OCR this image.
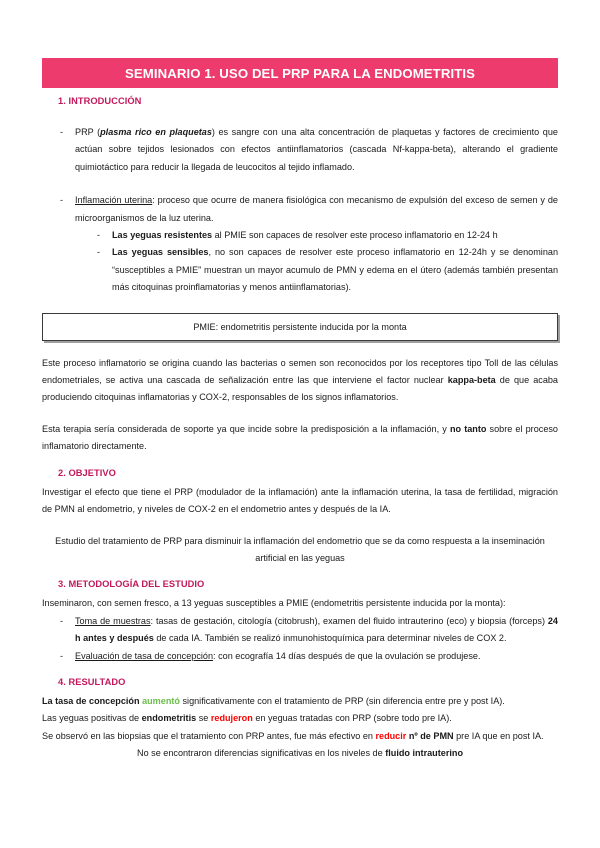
SEMINARIO 1. USO DEL PRP PARA LA ENDOMETRITIS
1. INTRODUCCIÓN
-	PRP (plasma rico en plaquetas) es sangre con una alta concentración de plaquetas y factores de crecimiento que actúan sobre tejidos lesionados con efectos antiinflamatorios (cascada Nf-kappa-beta), alterando el gradiente quimiotáctico para reducir la llegada de leucocitos al tejido inflamado.
-	Inflamación uterina: proceso que ocurre de manera fisiológica con mecanismo de expulsión del exceso de semen y de microorganismos de la luz uterina.
-	Las yeguas resistentes al PMIE son capaces de resolver este proceso inflamatorio en 12-24 h
-	Las yeguas sensibles, no son capaces de resolver este proceso inflamatorio en 12-24h y se denominan “susceptibles a PMIE” muestran un mayor acumulo de PMN y edema en el útero (además también presentan más citoquinas proinflamatorias y menos antiinflamatorias).
PMIE: endometritis persistente inducida por la monta

Este proceso inflamatorio se origina cuando las bacterias o semen son reconocidos por los receptores tipo Toll de las células endometriales, se activa una cascada de señalización entre las que interviene el factor nuclear kappa-beta de que acaba produciendo citoquinas inflamatorias y COX-2, responsables de los signos inflamatorios.

Esta terapia sería considerada de soporte ya que incide sobre la predisposición a la inflamación, y no tanto sobre el proceso inflamatorio directamente.

2. OBJETIVO

Investigar el efecto que tiene el PRP (modulador de la inflamación) ante la inflamación uterina, la tasa de fertilidad, migración de PMN al endometrio, y niveles de COX-2 en el endometrio antes y después de la IA.

Estudio del tratamiento de PRP para disminuir la inflamación del endometrio que se da como respuesta a la inseminación artificial en las yeguas

3. METODOLOGÍA DEL ESTUDIO

Inseminaron, con semen fresco, a 13 yeguas susceptibles a PMIE (endometritis persistente inducida por la monta):

-	Toma de muestras: tasas de gestación, citología (citobrush), examen del fluido intrauterino (eco) y biopsia (forceps) 24 h antes y después de cada IA. También se realizó inmunohistoquímica para determinar niveles de COX 2.
-	Evaluación de tasa de concepción: con ecografía 14 días después de que la ovulación se produjese.
4. RESULTADO

La tasa de concepción aumentó significativamente con el tratamiento de PRP (sin diferencia entre pre y post IA).

Las yeguas positivas de endometritis se redujeron en yeguas tratadas con PRP (sobre todo pre IA).

Se observó en las biopsias que el tratamiento con PRP antes, fue más efectivo en reducir nº de PMN pre IA que en post IA.

No se encontraron diferencias significativas en los niveles de fluido intrauterino
